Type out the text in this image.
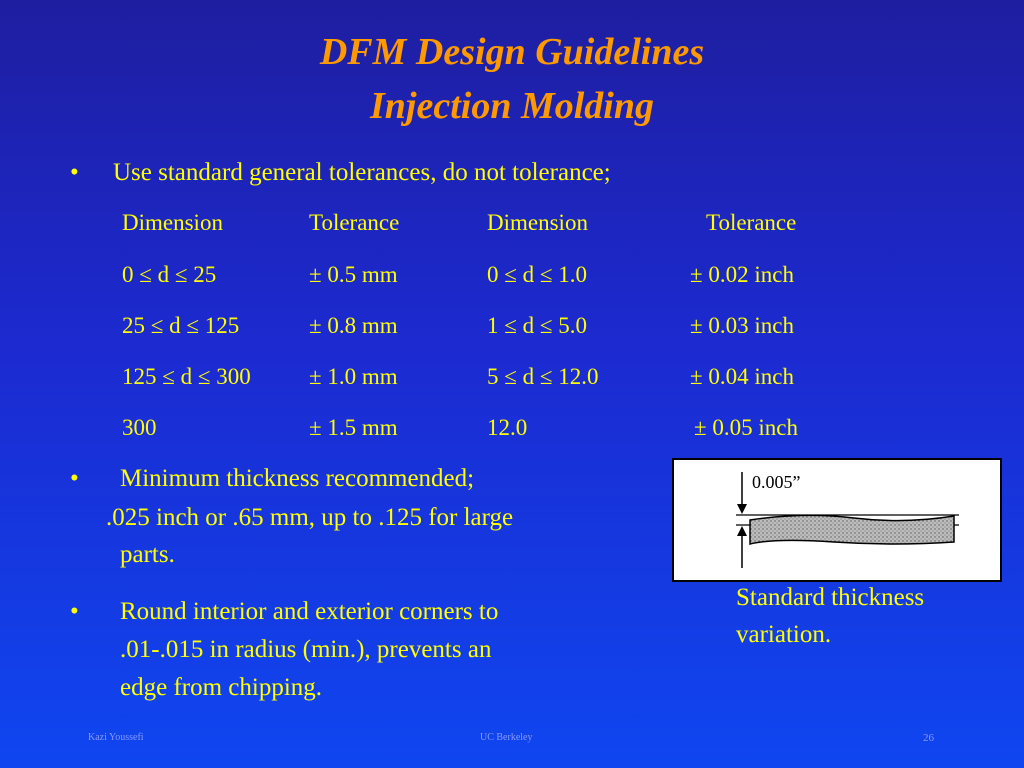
DFM Design Guidelines
Injection Molding
• Use standard general tolerances, do not tolerance;
Dimension	Tolerance	Dimension	Tolerance
0 ≤ d ≤ 25	± 0.5 mm	0 ≤ d ≤ 1.0	± 0.02 inch
25 ≤ d ≤ 125	± 0.8 mm	1 ≤ d ≤ 5.0	± 0.03 inch
125 ≤ d ≤ 300	± 1.0 mm	5 ≤ d ≤ 12.0	± 0.04 inch
300	± 1.5 mm	12.0	± 0.05 inch
• Minimum thickness recommended;
.025 inch or .65 mm, up to .125 for large
parts.
• Round interior and exterior corners to
.01-.015 in radius (min.), prevents an
edge from chipping.
0.005”
Standard thickness
variation.
Kazi Youssefi	UC Berkeley	26
